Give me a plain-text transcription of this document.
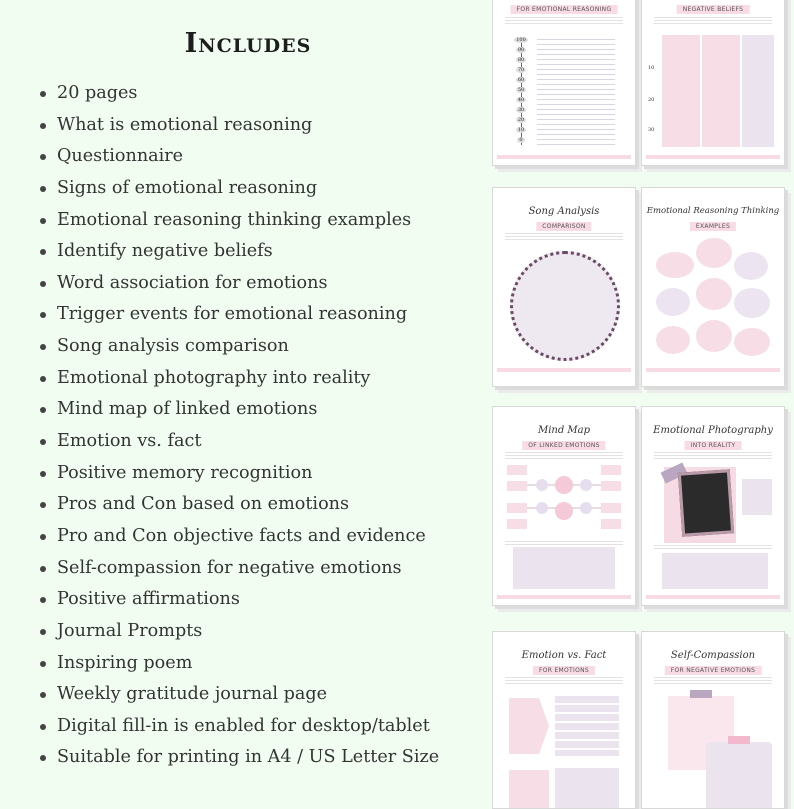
Includes
20 pages
What is emotional reasoning
Questionnaire
Signs of emotional reasoning
Emotional reasoning thinking examples
Identify negative beliefs
Word association for emotions
Trigger events for emotional reasoning
Song analysis comparison
Emotional photography into reality
Mind map of linked emotions
Emotion vs. fact
Positive memory recognition
Pros and Con based on emotions
Pro and Con objective facts and evidence
Self-compassion for negative emotions
Positive affirmations
Journal Prompts
Inspiring poem
Weekly gratitude journal page
Digital fill-in is enabled for desktop/tablet
Suitable for printing in A4 / US Letter Size
FOR EMOTIONAL REASONING
100
90
80
70
60
50
40
30
20
10
0
NEGATIVE BELIEFS
10
20
30
Song Analysis
COMPARISON
Emotional Reasoning Thinking
EXAMPLES
Mind Map
OF LINKED EMOTIONS
Emotional Photography
INTO REALITY
Emotion vs. Fact
FOR EMOTIONS
Self-Compassion
FOR NEGATIVE EMOTIONS
